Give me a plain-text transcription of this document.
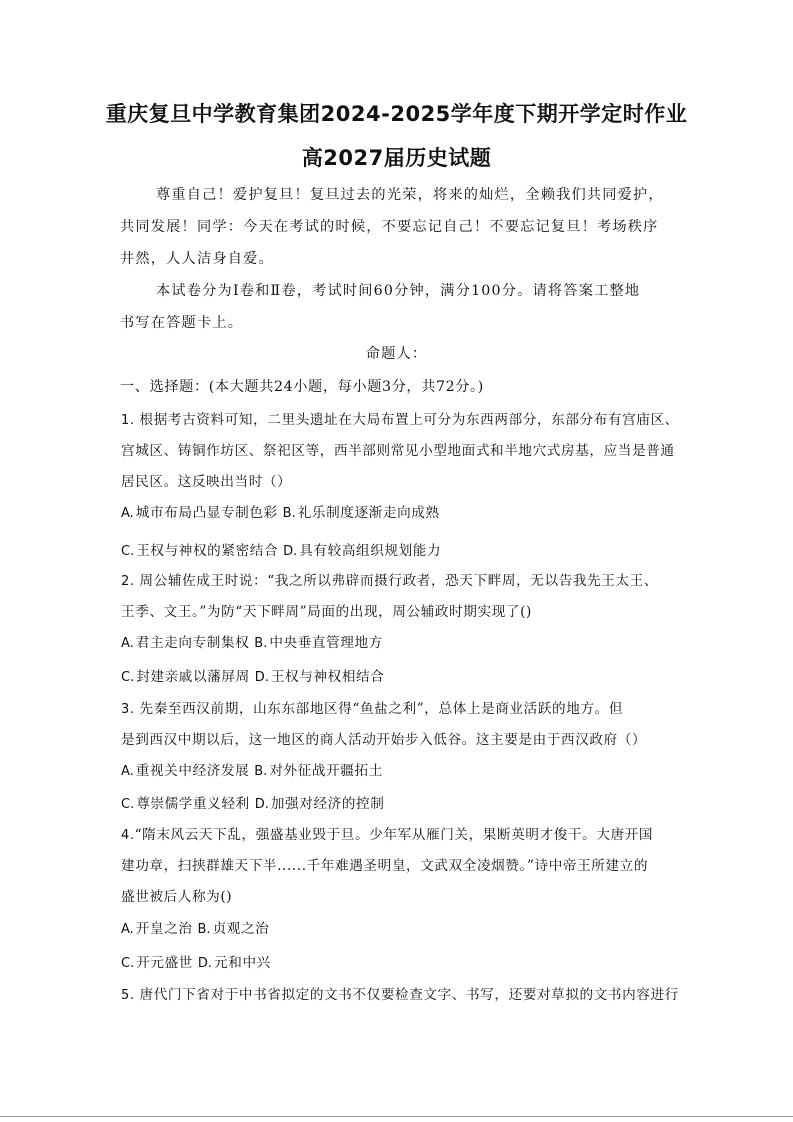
重庆复旦中学教育集团2024-2025学年度下期开学定时作业
高2027届历史试题
尊重自己！爱护复旦！复旦过去的光荣，将来的灿烂，全赖我们共同爱护，
共同发展！同学：今天在考试的时候，不要忘记自己！不要忘记复旦！考场秩序
井然，人人洁身自爱。
本试卷分为Ⅰ卷和Ⅱ卷，考试时间60分钟，满分100分。请将答案工整地
书写在答题卡上。
命题人：
一、选择题：(本大题共24小题，每小题3分，共72分。)
1. 根据考古资料可知，二里头遗址在大局布置上可分为东西两部分，东部分布有宫庙区、
宫城区、铸铜作坊区、祭祀区等，西半部则常见小型地面式和半地穴式房基，应当是普通
居民区。这反映出当时（）
A. 城市布局凸显专制色彩 B. 礼乐制度逐渐走向成熟
C. 王权与神权的紧密结合 D. 具有较高组织规划能力
2. 周公辅佐成王时说：“我之所以弗辟而摄行政者，恐天下畔周，无以告我先王太王、
王季、文王。”为防“天下畔周”局面的出现，周公辅政时期实现了()
A. 君主走向专制集权 B. 中央垂直管理地方
C. 封建亲戚以藩屏周 D. 王权与神权相结合
3. 先秦至西汉前期，山东东部地区得“鱼盐之利”，总体上是商业活跃的地方。但
是到西汉中期以后，这一地区的商人活动开始步入低谷。这主要是由于西汉政府（）
A. 重视关中经济发展 B. 对外征战开疆拓土
C. 尊崇儒学重义轻利 D. 加强对经济的控制
4.“隋末风云天下乱，强盛基业毁于旦。少年军从雁门关，果断英明才俊干。大唐开国
建功章，扫挟群雄天下半......千年难遇圣明皇，文武双全凌烟赞。”诗中帝王所建立的
盛世被后人称为()
A. 开皇之治 B. 贞观之治
C. 开元盛世 D. 元和中兴
5. 唐代门下省对于中书省拟定的文书不仅要检查文字、书写，还要对草拟的文书内容进行
